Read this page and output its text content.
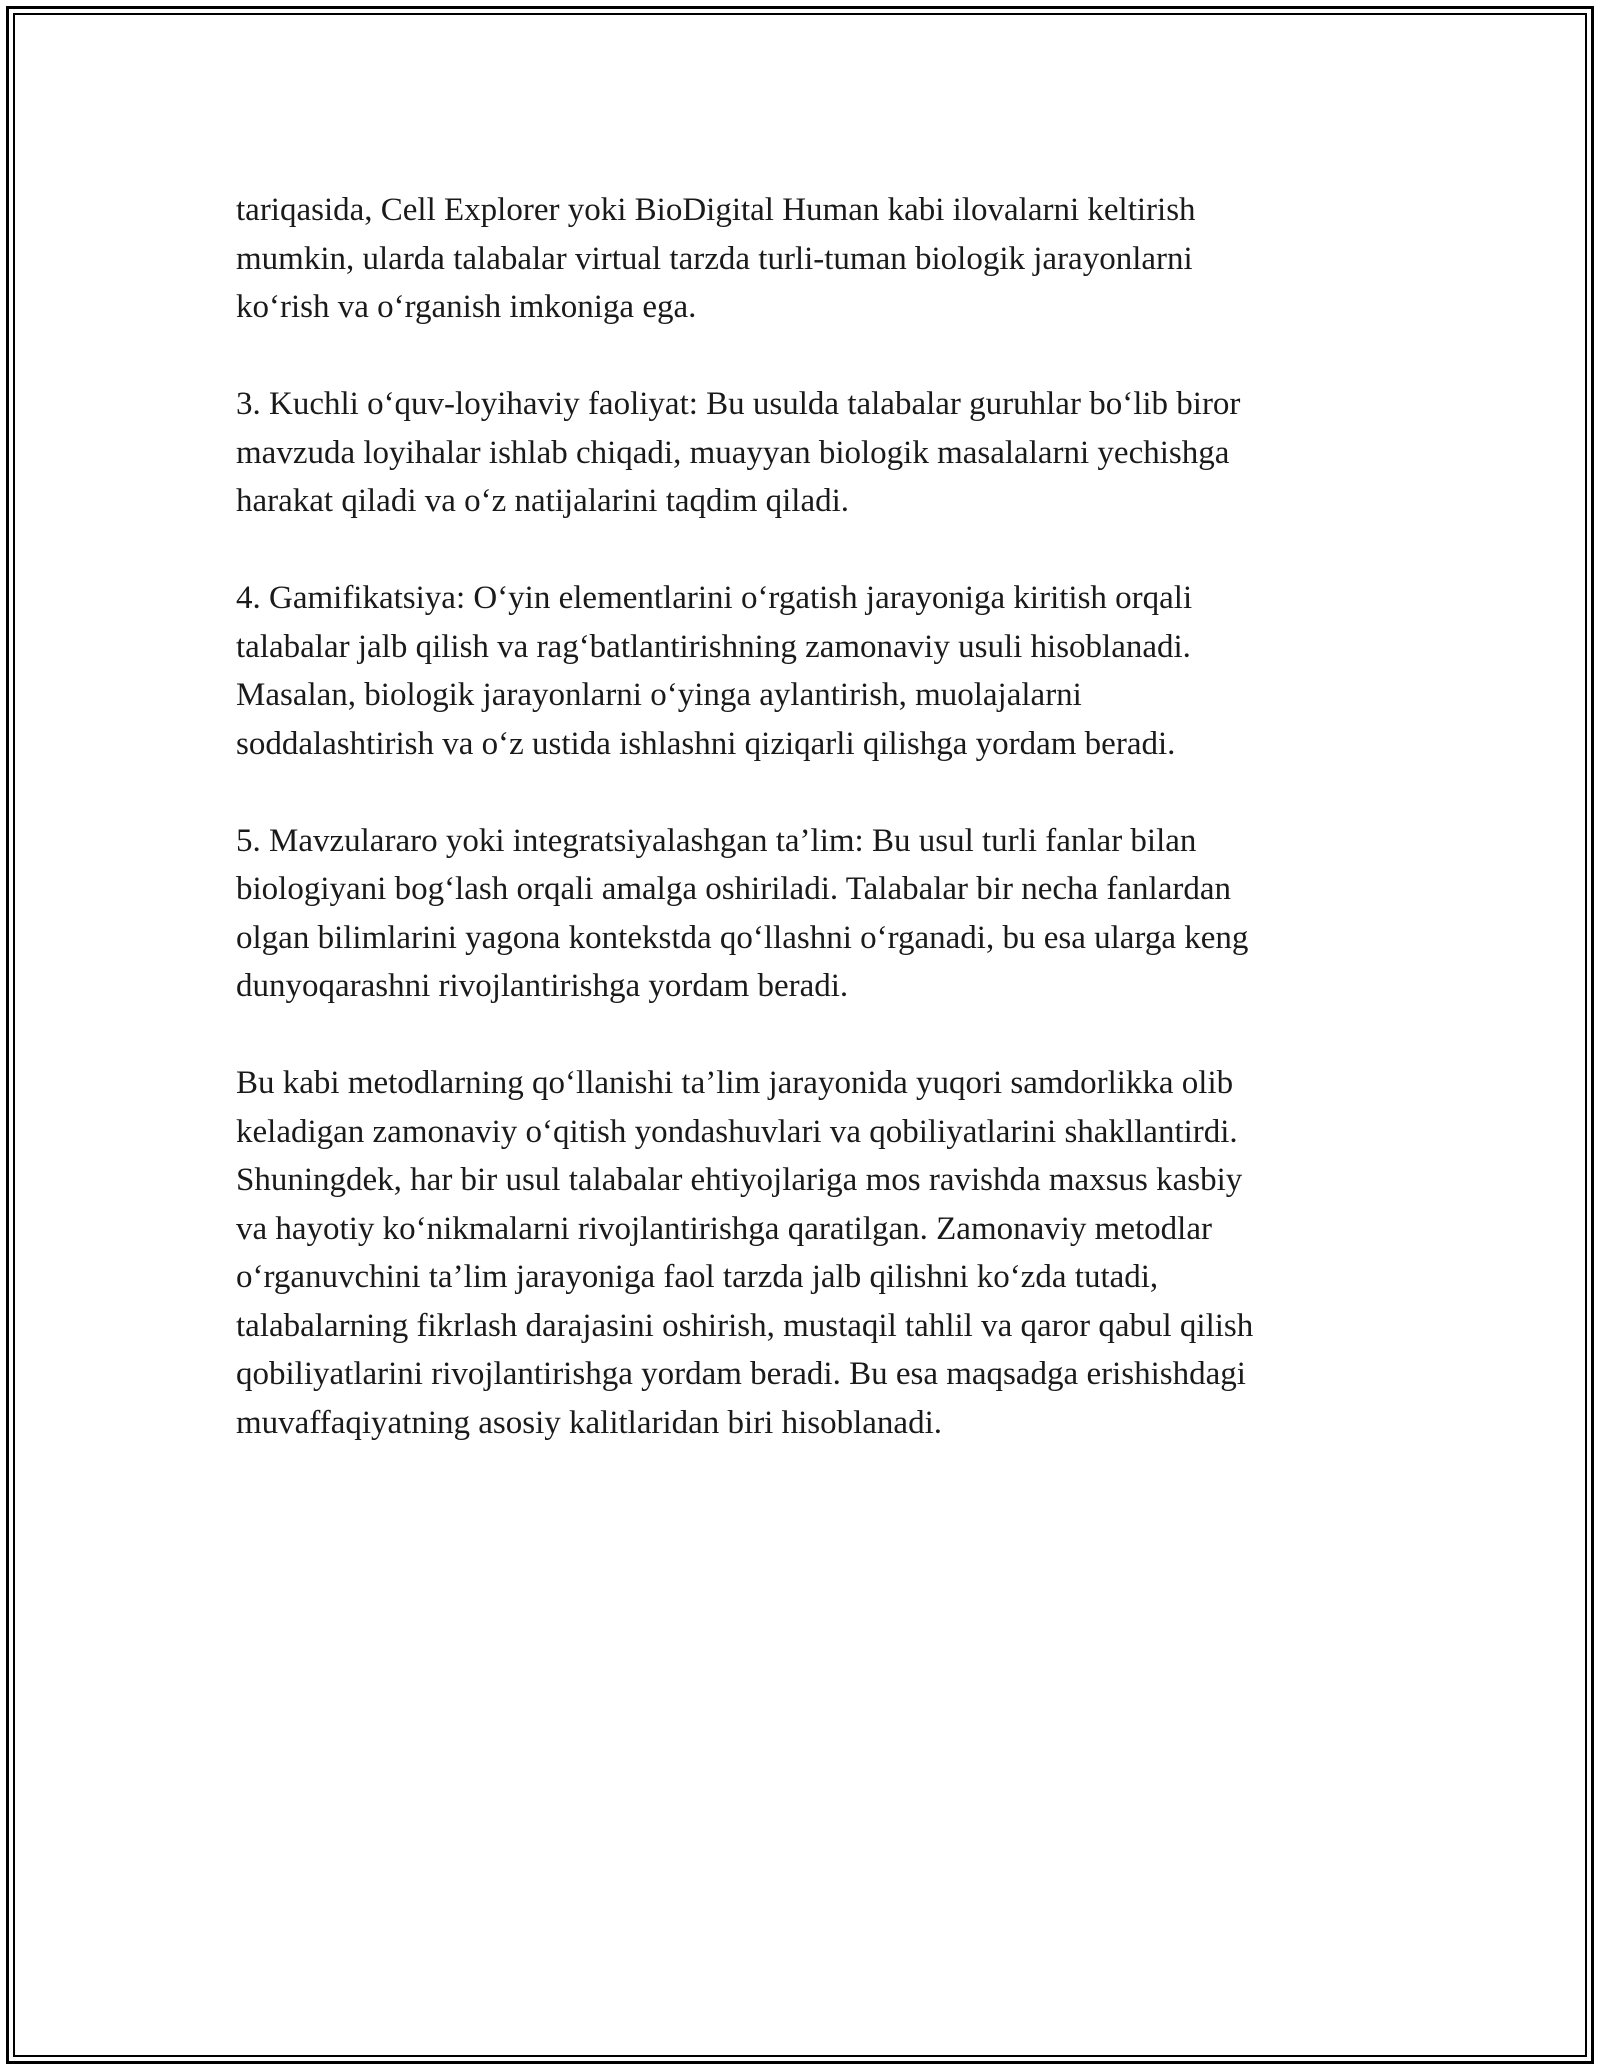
tariqasida, Cell Explorer yoki BioDigital Human kabi ilovalarni keltirish
mumkin, ularda talabalar virtual tarzda turli-tuman biologik jarayonlarni
ko‘rish va o‘rganish imkoniga ega.

3. Kuchli o‘quv-loyihaviy faoliyat: Bu usulda talabalar guruhlar bo‘lib biror
mavzuda loyihalar ishlab chiqadi, muayyan biologik masalalarni yechishga
harakat qiladi va o‘z natijalarini taqdim qiladi.

4. Gamifikatsiya: O‘yin elementlarini o‘rgatish jarayoniga kiritish orqali
talabalar jalb qilish va rag‘batlantirishning zamonaviy usuli hisoblanadi.
Masalan, biologik jarayonlarni o‘yinga aylantirish, muolajalarni
soddalashtirish va o‘z ustida ishlashni qiziqarli qilishga yordam beradi.

5. Mavzulararo yoki integratsiyalashgan ta’lim: Bu usul turli fanlar bilan
biologiyani bog‘lash orqali amalga oshiriladi. Talabalar bir necha fanlardan
olgan bilimlarini yagona kontekstda qo‘llashni o‘rganadi, bu esa ularga keng
dunyoqarashni rivojlantirishga yordam beradi.

Bu kabi metodlarning qo‘llanishi ta’lim jarayonida yuqori samdorlikka olib
keladigan zamonaviy o‘qitish yondashuvlari va qobiliyatlarini shakllantirdi.
Shuningdek, har bir usul talabalar ehtiyojlariga mos ravishda maxsus kasbiy
va hayotiy ko‘nikmalarni rivojlantirishga qaratilgan. Zamonaviy metodlar
o‘rganuvchini ta’lim jarayoniga faol tarzda jalb qilishni ko‘zda tutadi,
talabalarning fikrlash darajasini oshirish, mustaqil tahlil va qaror qabul qilish
qobiliyatlarini rivojlantirishga yordam beradi. Bu esa maqsadga erishishdagi
muvaffaqiyatning asosiy kalitlaridan biri hisoblanadi.
